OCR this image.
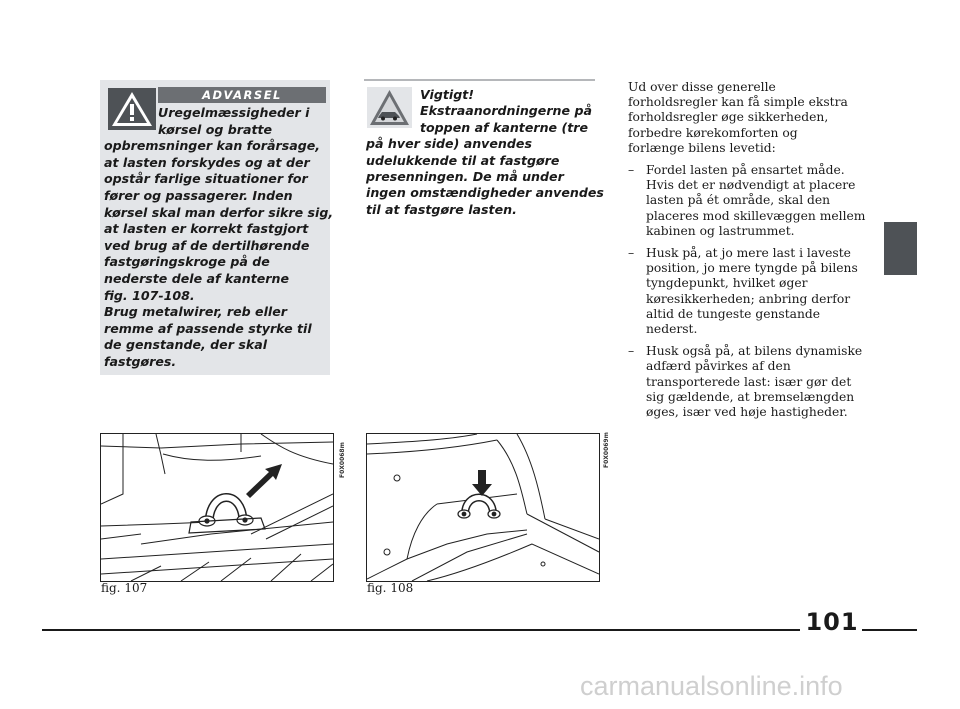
ADVARSEL
Uregelmæssigheder i
kørsel og bratte
opbremsninger kan forårsage,
at lasten forskydes og at der
opstår farlige situationer for
fører og passagerer. Inden
kørsel skal man derfor sikre sig,
at lasten er korrekt fastgjort
ved brug af de dertilhørende
fastgøringskroge på de
nederste dele af kanterne
fig. 107-108.
Brug metalwirer, reb eller
remme af passende styrke til
de genstande, der skal
fastgøres.
Vigtigt!
Ekstraanordningerne på
toppen af kanterne (tre
på hver side) anvendes
udelukkende til at fastgøre
presenningen. De må under
ingen omstændigheder anvendes
til at fastgøre lasten.
Ud over disse generelle
forholdsregler kan få simple ekstra
forholdsregler øge sikkerheden,
forbedre kørekomforten og
forlænge bilens levetid:
– Fordel lasten på ensartet måde.
Hvis det er nødvendigt at placere
lasten på ét område, skal den
placeres mod skillevæggen mellem
kabinen og lastrummet.
– Husk på, at jo mere last i laveste
position, jo mere tyngde på bilens
tyngdepunkt, hvilket øger
køresikkerheden; anbring derfor
altid de tungeste genstande
nederst.
– Husk også på, at bilens dynamiske
adfærd påvirkes af den
transporterede last: især gør det
sig gældende, at bremselængden
øges, især ved høje hastigheder.
F0X0068m
fig. 107
F0X0069m
fig. 108
101
carmanualsonline.info
